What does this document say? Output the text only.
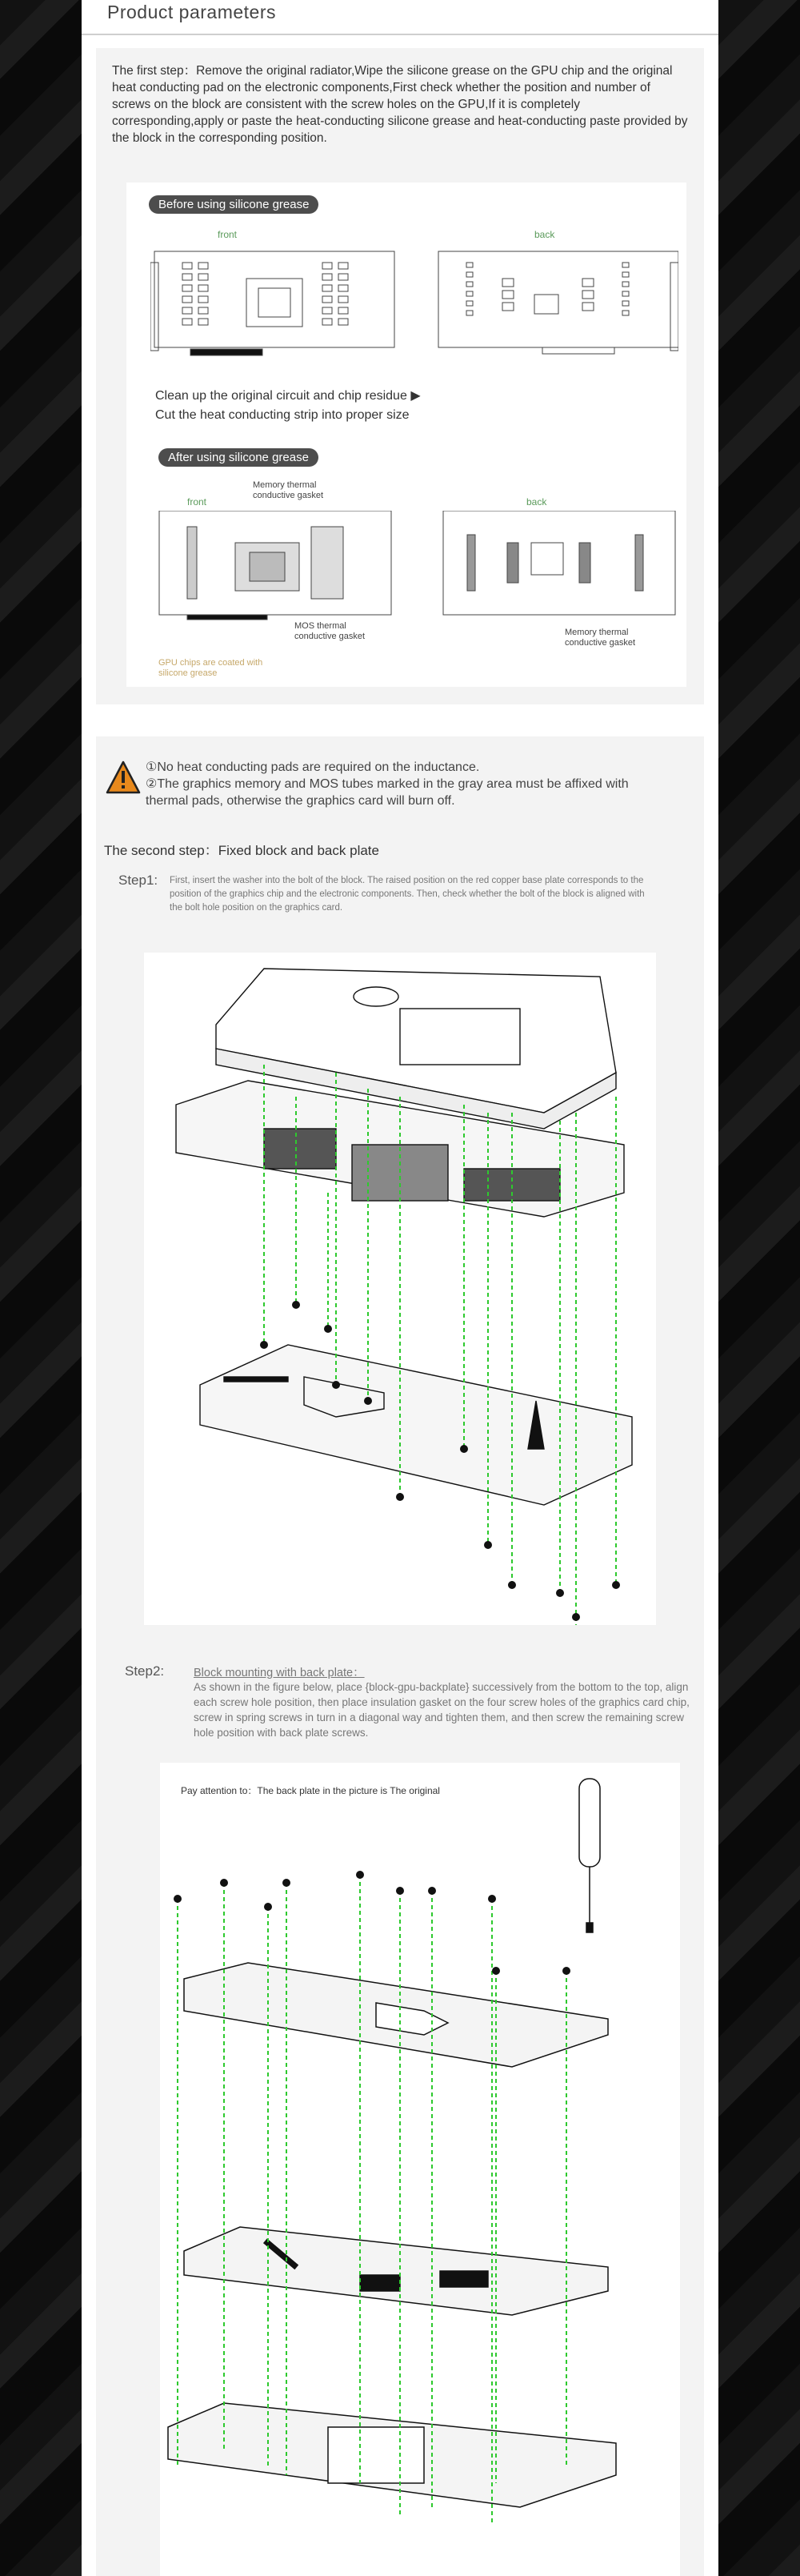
Product parameters
The first step：Remove the original radiator,Wipe the silicone grease on the GPU chip and the original heat conducting pad on the electronic components,First check whether the position and number of screws on the block are consistent with the screw holes on the GPU,If it is completely corresponding,apply or paste the heat-conducting silicone grease and heat-conducting paste provided by the block in the corresponding position.
Before using silicone grease
front	back
Clean up the original circuit and chip residue ▶
Cut the heat conducting strip into proper size
After using silicone grease
front	back
Memory thermal conductive gasket
MOS thermal conductive gasket
GPU chips are coated with silicone grease
Memory thermal conductive gasket
①No heat conducting pads are required on the inductance.
②The graphics memory and MOS tubes marked in the gray area must be affixed with thermal pads, otherwise the graphics card will burn off.
The second step：Fixed block and back plate
Step1: First, insert the washer into the bolt of the block. The raised position on the red copper base plate corresponds to the position of the graphics chip and the electronic components. Then, check whether the bolt of the block is aligned with the bolt hole position on the graphics card.
Step2:	Block mounting with back plate：
As shown in the figure below, place {block-gpu-backplate} successively from the bottom to the top, align each screw hole position, then place insulation gasket on the four screw holes of the graphics card chip, screw in spring screws in turn in a diagonal way and tighten them, and then screw the remaining screw hole position with back plate screws.
Pay attention to：The back plate in the picture is The original
